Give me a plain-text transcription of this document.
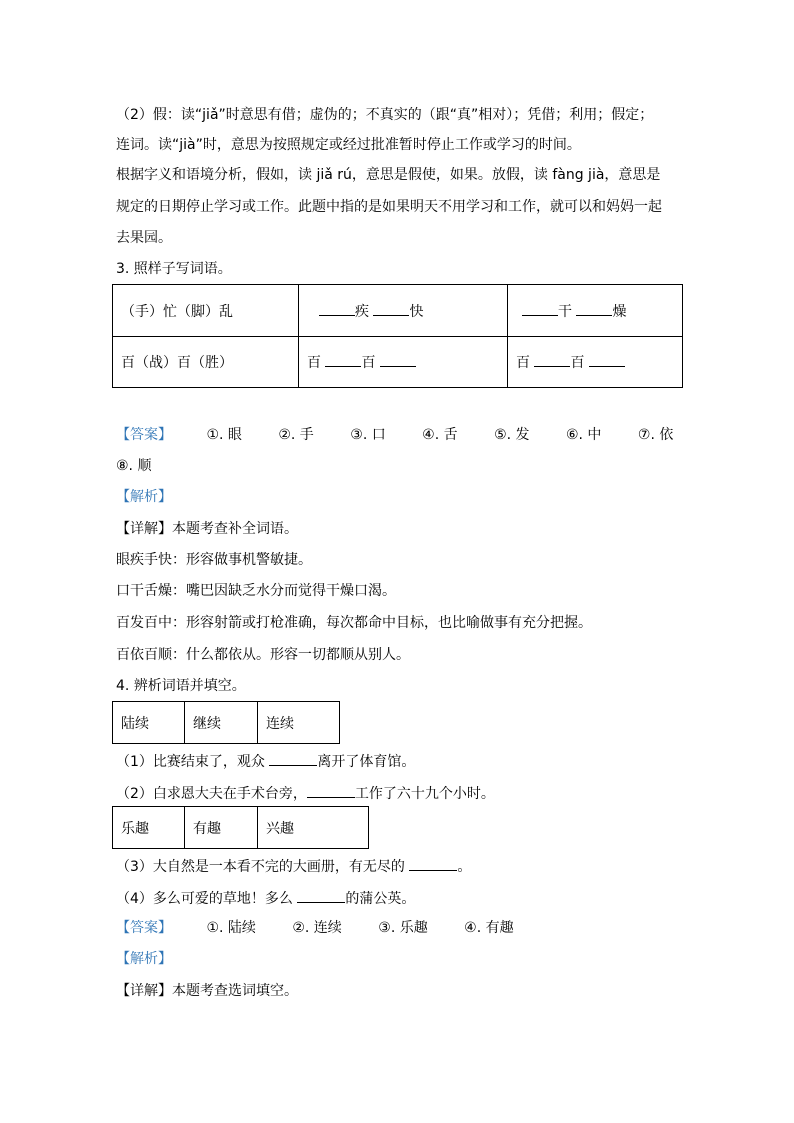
（2）假：读“jiǎ”时意思有借；虚伪的；不真实的（跟“真”相对）；凭借；利用；假定；
连词。读“jià”时，意思为按照规定或经过批准暂时停止工作或学习的时间。
根据字义和语境分析，假如，读 jiǎ rú，意思是假使，如果。放假，读 fàng jià，意思是
规定的日期停止学习或工作。此题中指的是如果明天不用学习和工作，就可以和妈妈一起
去果园。
3. 照样子写词语。
（手）忙（脚）乱	疾 快	干 燥
百（战）百（胜）	百 百	百 百
【答案】 ①. 眼	②. 手	③. 口	④. 舌	⑤. 发	⑥. 中	⑦. 依
⑧. 顺
【解析】
【详解】本题考查补全词语。
眼疾手快：形容做事机警敏捷。
口干舌燥：嘴巴因缺乏水分而觉得干燥口渴。
百发百中：形容射箭或打枪准确，每次都命中目标，也比喻做事有充分把握。
百依百顺：什么都依从。形容一切都顺从别人。
4. 辨析词语并填空。
陆续	继续	连续
（1）比赛结束了，观众	离开了体育馆。
（2）白求恩大夫在手术台旁，	工作了六十九个小时。
乐趣	有趣	兴趣
（3）大自然是一本看不完的大画册，有无尽的	。
（4）多么可爱的草地！多么	的蒲公英。
【答案】 ①. 陆续	②. 连续	③. 乐趣	④. 有趣
【解析】
【详解】本题考查选词填空。
